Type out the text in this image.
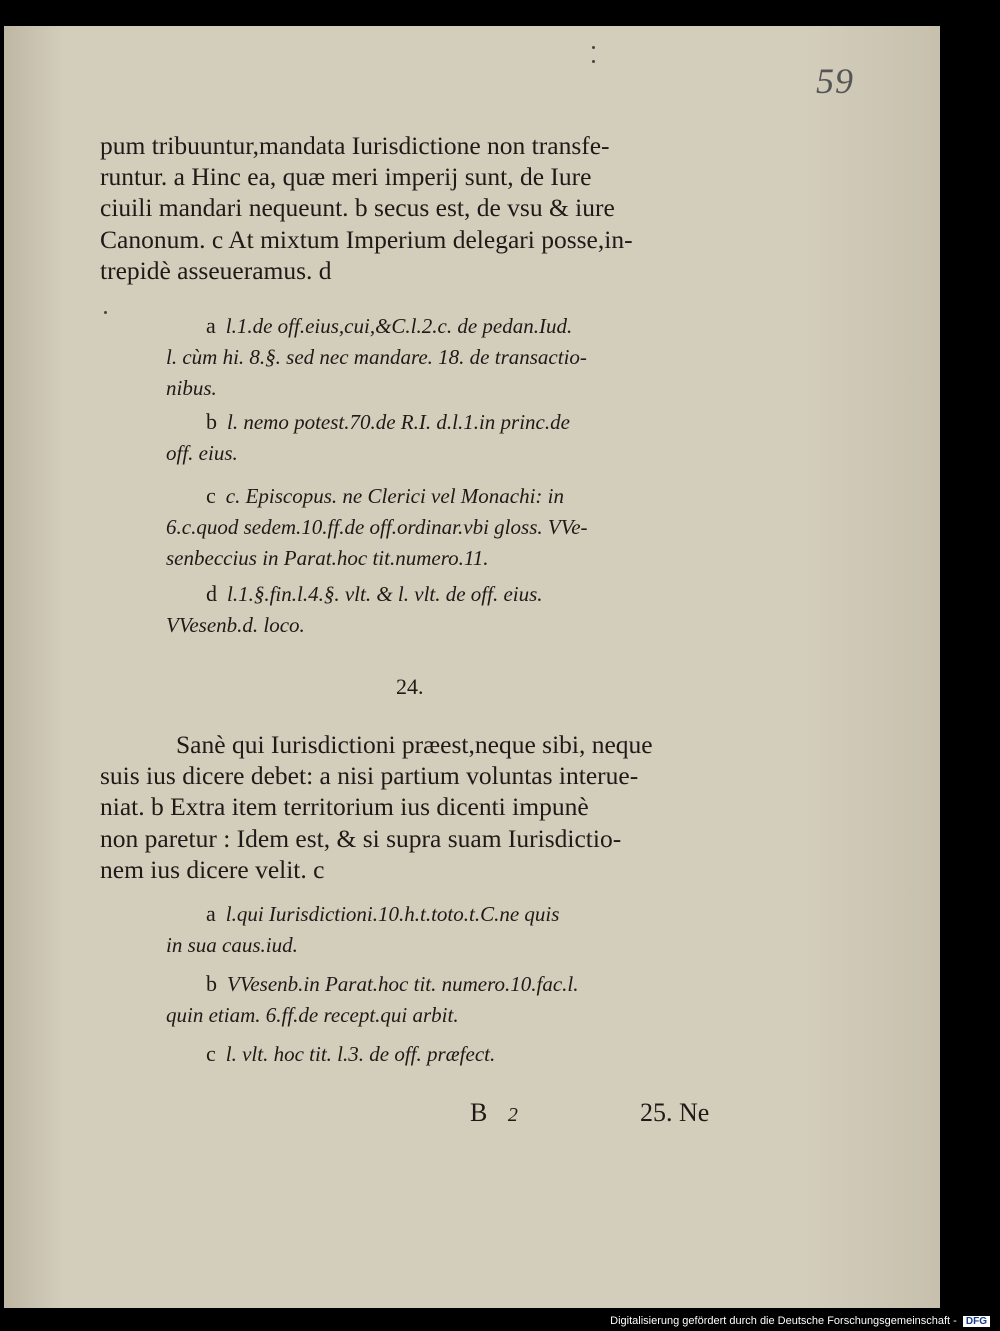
59
pum tribuuntur,mandata Iurisdictione non transfe-
runtur. a Hinc ea, quæ meri imperij sunt, de Iure
ciuili mandari nequeunt. b secus est, de vsu & iure
Canonum. c At mixtum Imperium delegari posse,in-
trepidè asseueramus. d
a l.1.de off.eius,cui,&C.l.2.c. de pedan.Iud.
l. cùm hi. 8.§. sed nec mandare. 18. de transactio-
nibus.
b l. nemo potest.70.de R.I. d.l.1.in princ.de
off. eius.
c c. Episcopus. ne Clerici vel Monachi: in
6.c.quod sedem.10.ff.de off.ordinar.vbi gloss. VVe-
senbeccius in Parat.hoc tit.numero.11.
d l.1.§.fin.l.4.§. vlt. & l. vlt. de off. eius.
VVesenb.d. loco.
24.
Sanè qui Iurisdictioni præest,neque sibi, neque
suis ius dicere debet: a nisi partium voluntas interue-
niat. b Extra item territorium ius dicenti impunè
non paretur : Idem est, & si supra suam Iurisdictio-
nem ius dicere velit. c
a l.qui Iurisdictioni.10.h.t.toto.t.C.ne quis
in sua caus.iud.
b VVesenb.in Parat.hoc tit. numero.10.fac.l.
quin etiam. 6.ff.de recept.qui arbit.
c l. vlt. hoc tit. l.3. de off. præfect.
B 2	25. Ne
Digitalisierung gefördert durch die Deutsche Forschungsgemeinschaft - DFG
